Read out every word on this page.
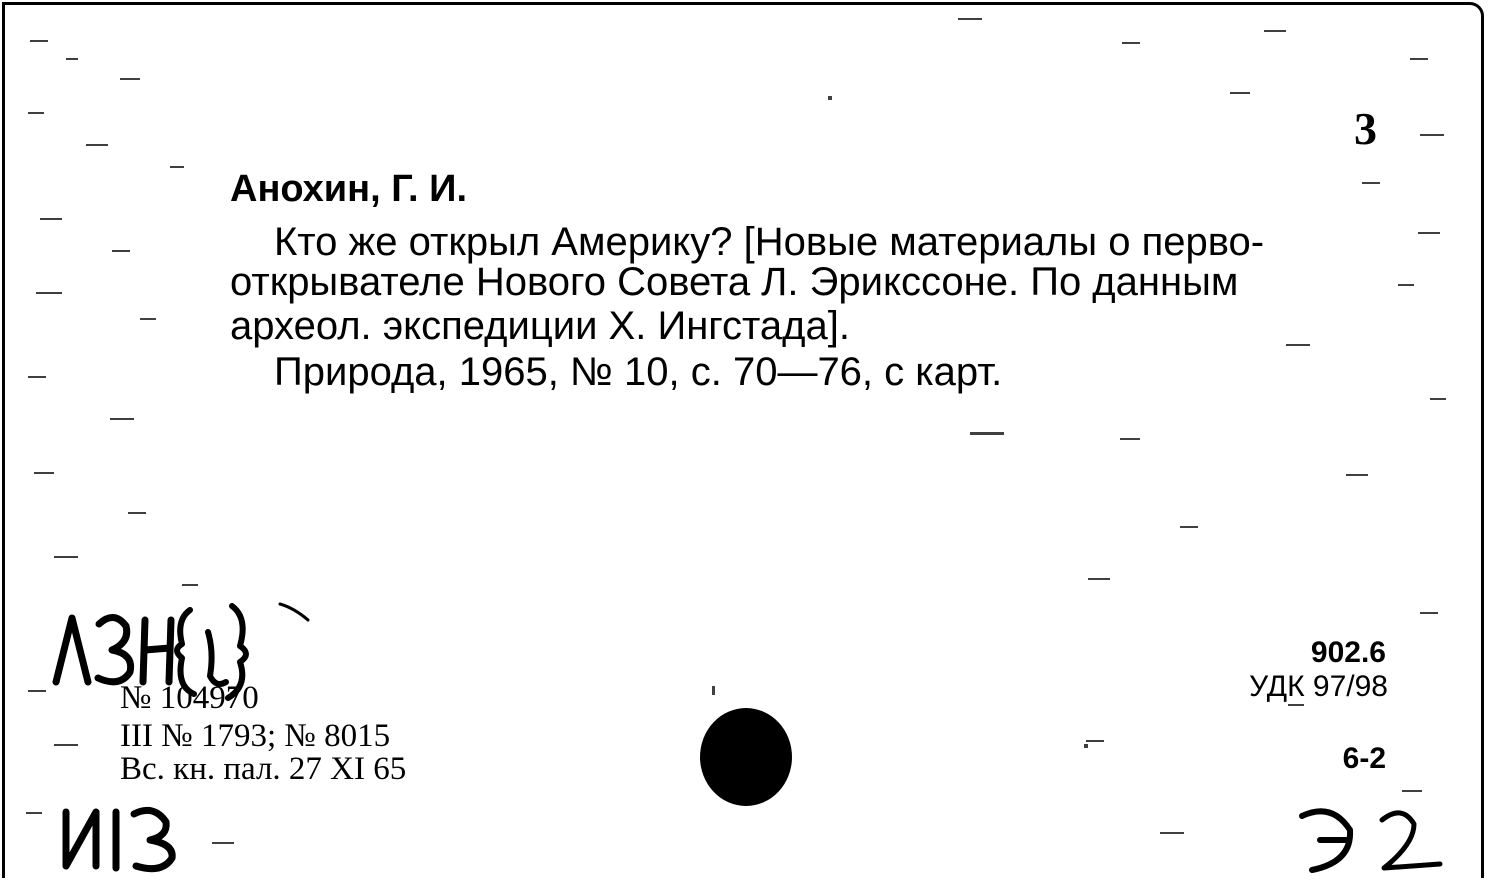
3
Анохин, Г. И.
Кто же открыл Америку? [Новые материалы о перво-
открывателе Нового Совета Л. Эрикссоне. По данным
археол. экспедиции Х. Ингстада].
Природа, 1965, № 10, с. 70—76, с карт.
№ 104970
III № 1793; № 8015
Вс. кн. пал. 27 XI 65
902.6
УДК 97/98
6-2
